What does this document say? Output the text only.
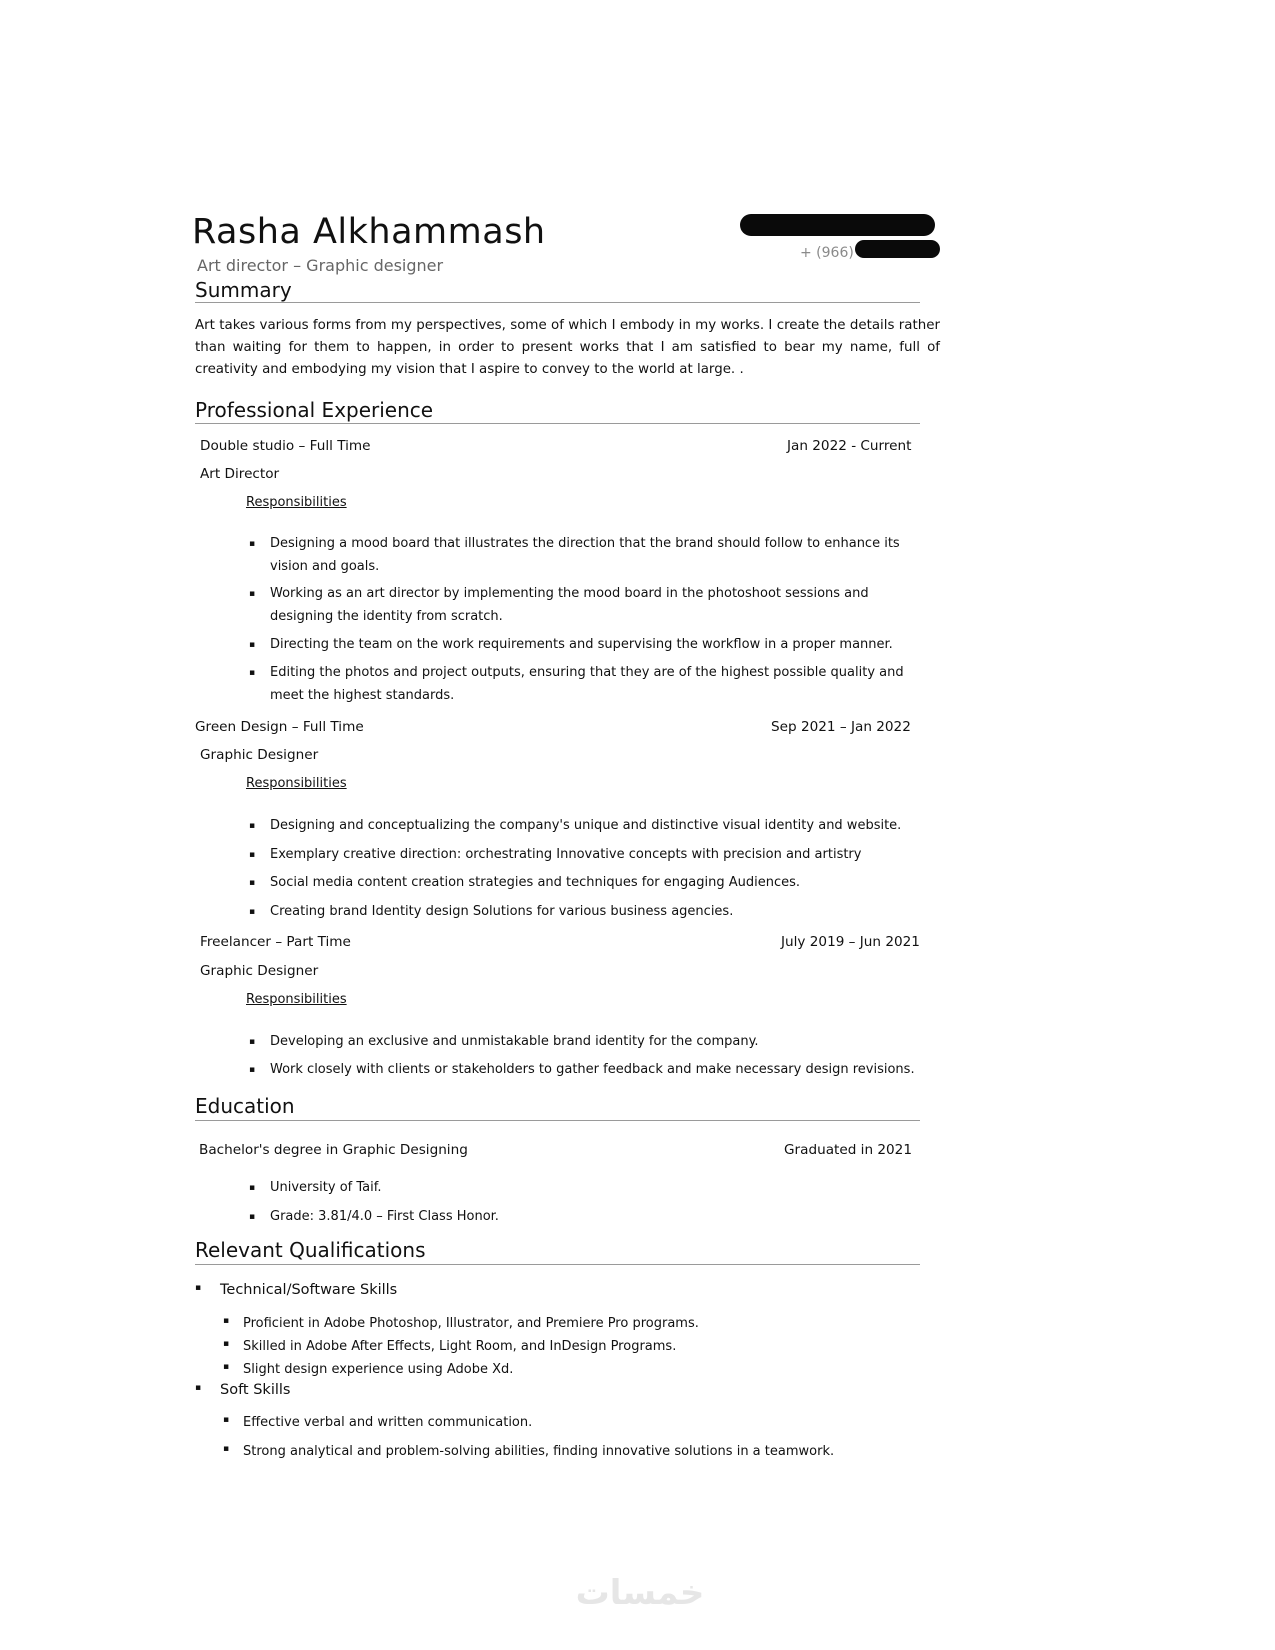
Rasha Alkhammash
Art director – Graphic designer
+ (966)
Summary
Art takes various forms from my perspectives, some of which I embody in my works. I create the details rather than waiting for them to happen, in order to present works that I am satisfied to bear my name, full of creativity and embodying my vision that I aspire to convey to the world at large. .
Professional Experience
Double studio – Full Time	Jan 2022 - Current
Art Director
Responsibilities
▪ Designing a mood board that illustrates the direction that the brand should follow to enhance its vision and goals.
▪ Working as an art director by implementing the mood board in the photoshoot sessions and designing the identity from scratch.
▪ Directing the team on the work requirements and supervising the workflow in a proper manner.
▪ Editing the photos and project outputs, ensuring that they are of the highest possible quality and meet the highest standards.
Green Design – Full Time	Sep 2021 – Jan 2022
Graphic Designer
Responsibilities
▪ Designing and conceptualizing the company's unique and distinctive visual identity and website.
▪ Exemplary creative direction: orchestrating Innovative concepts with precision and artistry
▪ Social media content creation strategies and techniques for engaging Audiences.
▪ Creating brand Identity design Solutions for various business agencies.
Freelancer – Part Time	July 2019 – Jun 2021
Graphic Designer
Responsibilities
▪ Developing an exclusive and unmistakable brand identity for the company.
▪ Work closely with clients or stakeholders to gather feedback and make necessary design revisions.
Education
Bachelor's degree in Graphic Designing	Graduated in 2021
▪ University of Taif.
▪ Grade: 3.81/4.0 – First Class Honor.
Relevant Qualifications
▪ Technical/Software Skills
▪ Proficient in Adobe Photoshop, Illustrator, and Premiere Pro programs.
▪ Skilled in Adobe After Effects, Light Room, and InDesign Programs.
▪ Slight design experience using Adobe Xd.
▪ Soft Skills
▪ Effective verbal and written communication.
▪ Strong analytical and problem-solving abilities, finding innovative solutions in a teamwork.
خمسات
